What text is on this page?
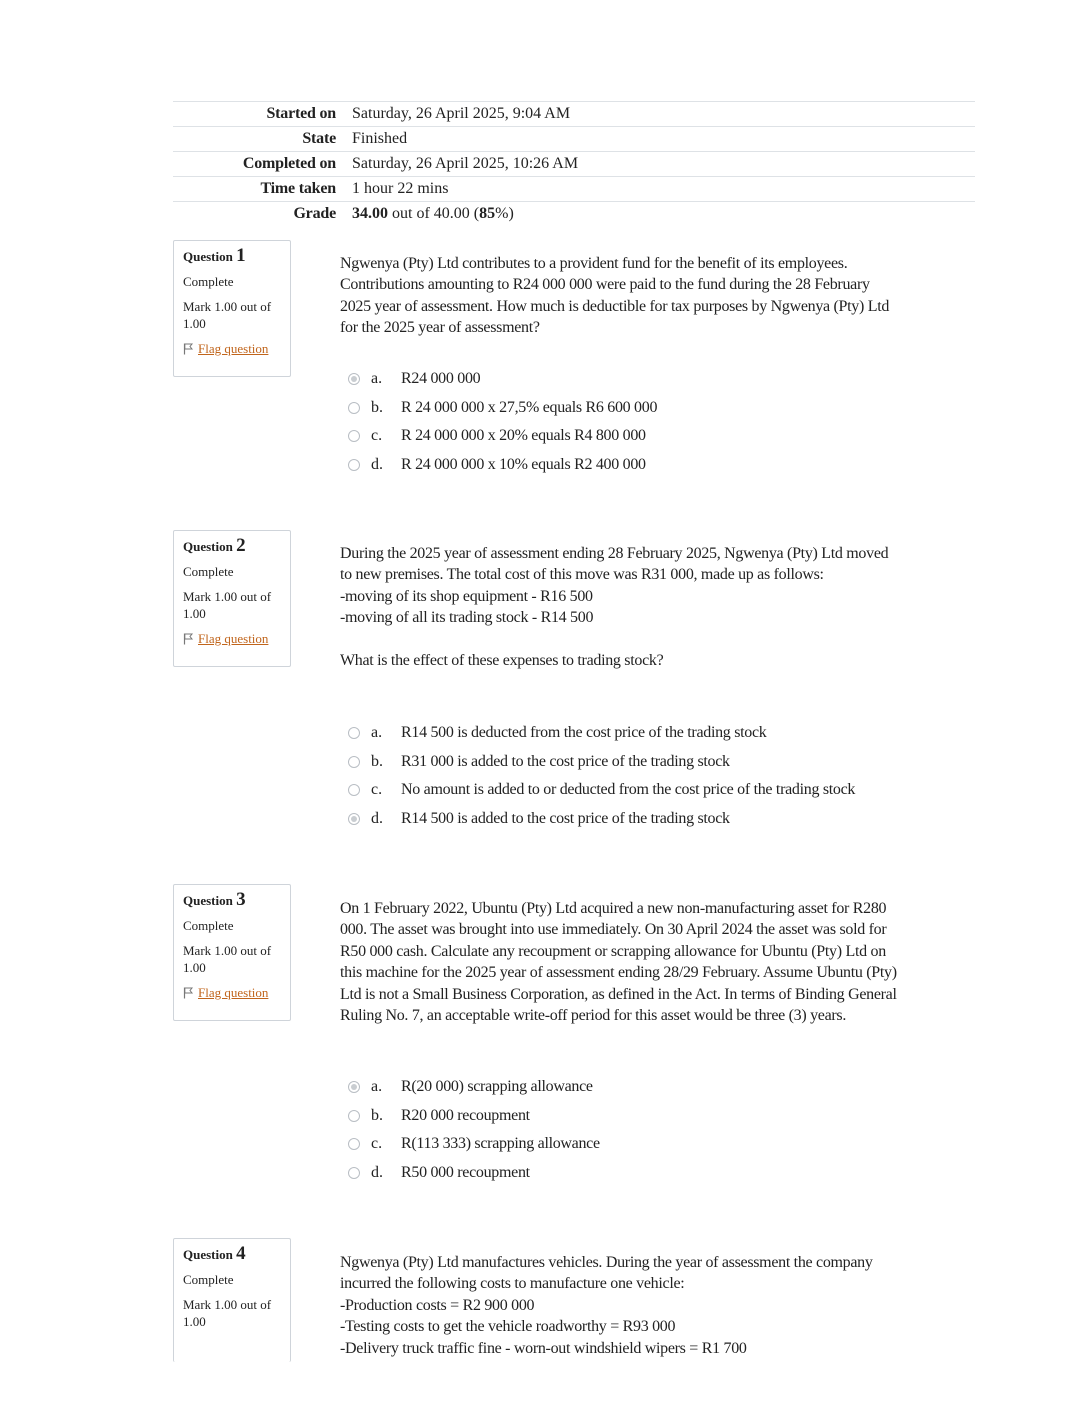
Started on	Saturday, 26 April 2025, 9:04 AM
State	Finished
Completed on	Saturday, 26 April 2025, 10:26 AM
Time taken	1 hour 22 mins
Grade	34.00 out of 40.00 (85%)
Question 1
Complete
Mark 1.00 out of 1.00
Flag question

Ngwenya (Pty) Ltd contributes to a provident fund for the benefit of its employees. Contributions amounting to R24 000 000 were paid to the fund during the 28 February 2025 year of assessment. How much is deductible for tax purposes by Ngwenya (Pty) Ltd for the 2025 year of assessment?

a.	R24 000 000
b.	R 24 000 000 x 27,5% equals R6 600 000
c.	R 24 000 000 x 20% equals R4 800 000
d.	R 24 000 000 x 10% equals R2 400 000
Question 2
Complete
Mark 1.00 out of 1.00
Flag question

During the 2025 year of assessment ending 28 February 2025, Ngwenya (Pty) Ltd moved to new premises. The total cost of this move was R31 000, made up as follows:

-moving of its shop equipment - R16 500

-moving of all its trading stock - R14 500

What is the effect of these expenses to trading stock?

a.	R14 500 is deducted from the cost price of the trading stock
b.	R31 000 is added to the cost price of the trading stock
c.	No amount is added to or deducted from the cost price of the trading stock
d.	R14 500 is added to the cost price of the trading stock
Question 3
Complete
Mark 1.00 out of 1.00
Flag question

On 1 February 2022, Ubuntu (Pty) Ltd acquired a new non-manufacturing asset for R280 000. The asset was brought into use immediately. On 30 April 2024 the asset was sold for R50 000 cash. Calculate any recoupment or scrapping allowance for Ubuntu (Pty) Ltd on this machine for the 2025 year of assessment ending 28/29 February. Assume Ubuntu (Pty) Ltd is not a Small Business Corporation, as defined in the Act. In terms of Binding General Ruling No. 7, an acceptable write-off period for this asset would be three (3) years.

a.	R(20 000) scrapping allowance
b.	R20 000 recoupment
c.	R(113 333) scrapping allowance
d.	R50 000 recoupment
Question 4
Complete
Mark 1.00 out of 1.00

Ngwenya (Pty) Ltd manufactures vehicles. During the year of assessment the company incurred the following costs to manufacture one vehicle:

-Production costs = R2 900 000

-Testing costs to get the vehicle roadworthy = R93 000

-Delivery truck traffic fine - worn-out windshield wipers = R1 700
